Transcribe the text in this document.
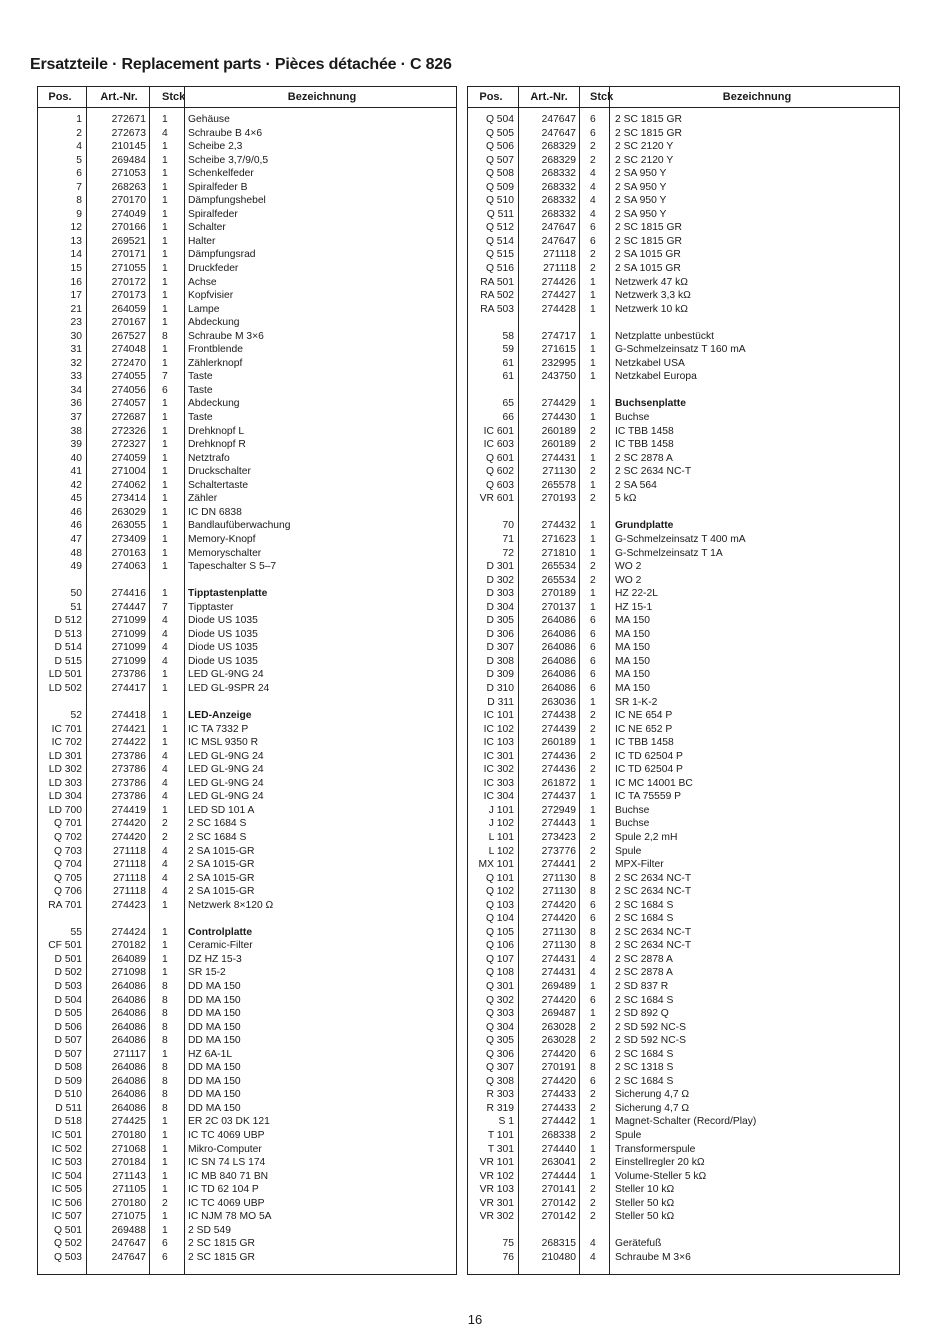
Ersatzteile · Replacement parts · Pièces détachée · C 826
Pos.	Art.-Nr.	Stck	Bezeichnung
1	272671 1	Gehäuse
2	272673 4	Schraube B 4×6
4	210145 1	Scheibe 2,3
5	269484 1	Scheibe 3,7/9/0,5
6	271053 1	Schenkelfeder
7	268263 1	Spiralfeder B
8	270170 1	Dämpfungshebel
9	274049 1	Spiralfeder
12	270166 1	Schalter
13	269521 1	Halter
14	270171 1	Dämpfungsrad
15	271055 1	Druckfeder
16	270172 1	Achse
17	270173 1	Kopfvisier
21	264059 1	Lampe
23	270167 1	Abdeckung
30	267527 8	Schraube M 3×6
31	274048 1	Frontblende
32	272470 1	Zählerknopf
33	274055 7	Taste
34	274056 6	Taste
36	274057 1	Abdeckung
37	272687 1	Taste
38	272326 1	Drehknopf L
39	272327 1	Drehknopf R
40	274059 1	Netztrafo
41	271004 1	Druckschalter
42	274062 1	Schaltertaste
45	273414 1	Zähler
46	263029 1	IC DN 6838
46	263055 1	Bandlaufüberwachung
47	273409 1	Memory-Knopf
48	270163 1	Memoryschalter
49	274063 1	Tapeschalter S 5–7
50	274416 1	Tipptastenplatte
51	274447 7	Tipptaster
D 512	271099 4	Diode US 1035
D 513	271099 4	Diode US 1035
D 514	271099 4	Diode US 1035
D 515	271099 4	Diode US 1035
LD 501	273786 1	LED GL-9NG 24
LD 502	274417 1	LED GL-9SPR 24
52	274418 1	LED-Anzeige
IC 701	274421 1	IC TA 7332 P
IC 702	274422 1	IC MSL 9350 R
LD 301	273786 4	LED GL-9NG 24
LD 302	273786 4	LED GL-9NG 24
LD 303	273786 4	LED GL-9NG 24
LD 304	273786 4	LED GL-9NG 24
LD 700	274419 1	LED SD 101 A
Q 701	274420 2	2 SC 1684 S
Q 702	274420 2	2 SC 1684 S
Q 703	271118 4	2 SA 1015-GR
Q 704	271118 4	2 SA 1015-GR
Q 705	271118 4	2 SA 1015-GR
Q 706	271118 4	2 SA 1015-GR
RA 701	274423 1	Netzwerk 8×120 Ω
55	274424 1	Controlplatte
CF 501	270182 1	Ceramic-Filter
D 501	264089 1	DZ HZ 15-3
D 502	271098 1	SR 15-2
D 503	264086 8	DD MA 150
D 504	264086 8	DD MA 150
D 505	264086 8	DD MA 150
D 506	264086 8	DD MA 150
D 507	264086 8	DD MA 150
D 507	271117 1	HZ 6A-1L
D 508	264086 8	DD MA 150
D 509	264086 8	DD MA 150
D 510	264086 8	DD MA 150
D 511	264086 8	DD MA 150
D 518	274425 1	ER 2C 03 DK 121
IC 501	270180 1	IC TC 4069 UBP
IC 502	271068 1	Mikro-Computer
IC 503	270184 1	IC SN 74 LS 174
IC 504	271143 1	IC MB 840 71 BN
IC 505	271105 1	IC TD 62 104 P
IC 506	270180 2	IC TC 4069 UBP
IC 507	271075 1	IC NJM 78 MO 5A
Q 501	269488 1	2 SD 549
Q 502	247647 6	2 SC 1815 GR
Q 503	247647 6	2 SC 1815 GR
Pos.	Art.-Nr.	Stck	Bezeichnung
Q 504	247647 6	2 SC 1815 GR
Q 505	247647 6	2 SC 1815 GR
Q 506	268329 2	2 SC 2120 Y
Q 507	268329 2	2 SC 2120 Y
Q 508	268332 4	2 SA 950 Y
Q 509	268332 4	2 SA 950 Y
Q 510	268332 4	2 SA 950 Y
Q 511	268332 4	2 SA 950 Y
Q 512	247647 6	2 SC 1815 GR
Q 514	247647 6	2 SC 1815 GR
Q 515	271118 2	2 SA 1015 GR
Q 516	271118 2	2 SA 1015 GR
RA 501	274426 1	Netzwerk 47 kΩ
RA 502	274427 1	Netzwerk 3,3 kΩ
RA 503	274428 1	Netzwerk 10 kΩ
58	274717 1	Netzplatte unbestückt
59	271615 1	G-Schmelzeinsatz T 160 mA
61	232995 1	Netzkabel USA
61	243750 1	Netzkabel Europa
65	274429 1	Buchsenplatte
66	274430 1	Buchse
IC 601	260189 2	IC TBB 1458
IC 603	260189 2	IC TBB 1458
Q 601	274431 1	2 SC 2878 A
Q 602	271130 2	2 SC 2634 NC-T
Q 603	265578 1	2 SA 564
VR 601	270193 2	5 kΩ
70	274432 1	Grundplatte
71	271623 1	G-Schmelzeinsatz T 400 mA
72	271810 1	G-Schmelzeinsatz T 1A
D 301	265534 2	WO 2
D 302	265534 2	WO 2
D 303	270189 1	HZ 22-2L
D 304	270137 1	HZ 15-1
D 305	264086 6	MA 150
D 306	264086 6	MA 150
D 307	264086 6	MA 150
D 308	264086 6	MA 150
D 309	264086 6	MA 150
D 310	264086 6	MA 150
D 311	263036 1	SR 1-K-2
IC 101	274438 2	IC NE 654 P
IC 102	274439 2	IC NE 652 P
IC 103	260189 1	IC TBB 1458
IC 301	274436 2	IC TD 62504 P
IC 302	274436 2	IC TD 62504 P
IC 303	261872 1	IC MC 14001 BC
IC 304	274437 1	IC TA 75559 P
J 101	272949 1	Buchse
J 102	274443 1	Buchse
L 101	273423 2	Spule 2,2 mH
L 102	273776 2	Spule
MX 101	274441 2	MPX-Filter
Q 101	271130 8	2 SC 2634 NC-T
Q 102	271130 8	2 SC 2634 NC-T
Q 103	274420 6	2 SC 1684 S
Q 104	274420 6	2 SC 1684 S
Q 105	271130 8	2 SC 2634 NC-T
Q 106	271130 8	2 SC 2634 NC-T
Q 107	274431 4	2 SC 2878 A
Q 108	274431 4	2 SC 2878 A
Q 301	269489 1	2 SD 837 R
Q 302	274420 6	2 SC 1684 S
Q 303	269487 1	2 SD 892 Q
Q 304	263028 2	2 SD 592 NC-S
Q 305	263028 2	2 SD 592 NC-S
Q 306	274420 6	2 SC 1684 S
Q 307	270191 8	2 SC 1318 S
Q 308	274420 6	2 SC 1684 S
R 303	274433 2	Sicherung 4,7 Ω
R 319	274433 2	Sicherung 4,7 Ω
S 1	274442 1	Magnet-Schalter (Record/Play)
T 101	268338 2	Spule
T 301	274440 1	Transformerspule
VR 101	263041 2	Einstellregler 20 kΩ
VR 102	274444 1	Volume-Steller 5 kΩ
VR 103	270141 2	Steller 10 kΩ
VR 301	270142 2	Steller 50 kΩ
VR 302	270142 2	Steller 50 kΩ
75	268315 4	Gerätefuß
76	210480 4	Schraube M 3×6
16
